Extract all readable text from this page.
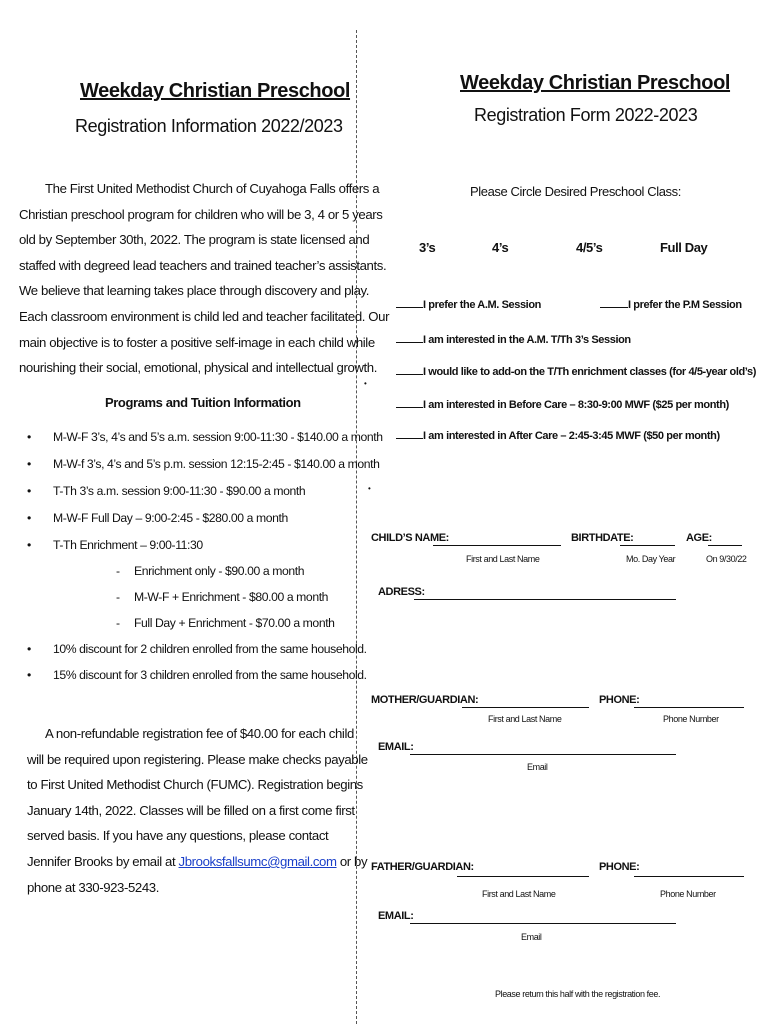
•
•
Weekday Christian Preschool
Registration Information 2022/2023
The First United Methodist Church of Cuyahoga Falls offers a
Christian preschool program for children who will be 3, 4 or 5 years
old by September 30th, 2022. The program is state licensed and
staffed with degreed lead teachers and trained teacher’s assistants.
We believe that learning takes place through discovery and play.
Each classroom environment is child led and teacher facilitated. Our
main objective is to foster a positive self-image in each child while
nourishing their social, emotional, physical and intellectual growth.
Programs and Tuition Information
• M-W-F 3’s, 4’s and 5’s a.m. session 9:00-11:30 - $140.00 a month
• M-W-f 3’s, 4’s and 5’s p.m. session 12:15-2:45 - $140.00 a month
• T-Th 3’s a.m. session 9:00-11:30 - $90.00 a month
• M-W-F Full Day – 9:00-2:45 - $280.00 a month
• T-Th Enrichment – 9:00-11:30
- Enrichment only - $90.00 a month
- M-W-F + Enrichment - $80.00 a month
- Full Day + Enrichment - $70.00 a month
• 10% discount for 2 children enrolled from the same household.
• 15% discount for 3 children enrolled from the same household.
A non-refundable registration fee of $40.00 for each child
will be required upon registering. Please make checks payable
to First United Methodist Church (FUMC). Registration begins
January 14th, 2022. Classes will be filled on a first come first
served basis. If you have any questions, please contact
Jennifer Brooks by email at Jbrooksfallsumc@gmail.com or by
phone at 330-923-5243.
Weekday Christian Preschool
Registration Form 2022-2023
Please Circle Desired Preschool Class:
3’s	4’s	4/5’s	Full Day
I prefer the A.M. Session	I prefer the P.M Session
I am interested in the A.M. T/Th 3’s Session
I would like to add-on the T/Th enrichment classes (for 4/5-year old’s)
I am interested in Before Care – 8:30-9:00 MWF ($25 per month)
I am interested in After Care – 2:45-3:45 MWF ($50 per month)
CHILD’S NAME:	BIRTHDATE:	AGE:
First and Last Name	Mo. Day Year	On 9/30/22
ADRESS:
MOTHER/GUARDIAN:	PHONE:
First and Last Name	Phone Number
EMAIL:
Email
FATHER/GUARDIAN:	PHONE:
First and Last Name	Phone Number
EMAIL:
Email
Please return this half with the registration fee.
